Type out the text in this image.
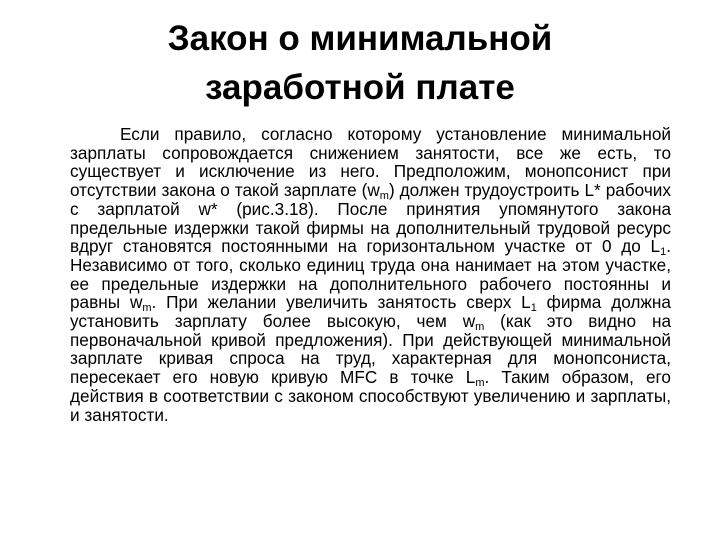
Закон о минимальной
заработной плате

Если правило, согласно которому установление минимальной зарплаты сопровождается снижением занятости, все же есть, то существует и исключение из него. Предположим, монопсонист при отсутствии закона о такой зарплате $(w_m)$ должен трудоустроить L* рабочих с зарплатой w* (рис.3.18). После принятия упомянутого закона предельные издержки такой фирмы на дополнительный трудовой ресурс вдруг становятся постоянными на горизонтальном участке от 0 до $L_1$. Независимо от того, сколько единиц труда она нанимает на этом участке, ее предельные издержки на дополнительного рабочего постоянны и равны $w_m$. При желании увеличить занятость сверх $L_1$ фирма должна установить зарплату более высокую, чем $w_m$ (как это видно на первоначальной кривой предложения). При действующей минимальной зарплате кривая спроса на труд, характерная для монопсониста, пересекает его новую кривую MFC в точке $L_m$. Таким образом, его действия в соответствии с законом способствуют увеличению и зарплаты, и занятости.
